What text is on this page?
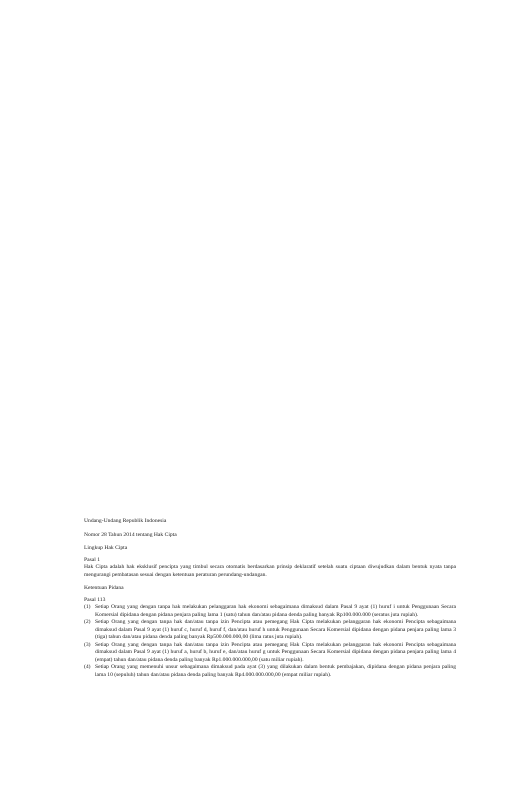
Undang-Undang Republik Indonesia

Nomor 28 Tahun 2014 tentang Hak Cipta

Lingkup Hak Cipta

Pasal 1

Hak Cipta adalah hak eksklusif pencipta yang timbul secara otomatis berdasarkan prinsip deklaratif setelah suatu ciptaan diwujudkan dalam bentuk nyata tanpa mengurangi pembatasan sesuai dengan ketentuan peraturan perundang-undangan.

Ketentuan Pidana

Pasal 113

(1) Setiap Orang yang dengan tanpa hak melakukan pelanggaran hak ekonomi sebagaimana dimaksud dalam Pasal 9 ayat (1) huruf i untuk Penggunaan Secara Komersial dipidana dengan pidana penjara paling lama 1 (satu) tahun dan/atau pidana denda paling banyak Rp100.000.000 (seratus juta rupiah).
(2) Setiap Orang yang dengan tanpa hak dan/atau tanpa izin Pencipta atau pemegang Hak Cipta melakukan pelanggaran hak ekonomi Pencipta sebagaimana dimaksud dalam Pasal 9 ayat (1) huruf c, huruf d, huruf f, dan/atau huruf h untuk Penggunaan Secara Komersial dipidana dengan pidana penjara paling lama 3 (tiga) tahun dan/atau pidana denda paling banyak Rp500.000.000,00 (lima ratus juta rupiah).
(3) Setiap Orang yang dengan tanpa hak dan/atau tanpa izin Pencipta atau pemegang Hak Cipta melakukan pelanggaran hak ekonomi Pencipta sebagaimana dimaksud dalam Pasal 9 ayat (1) huruf a, huruf b, huruf e, dan/atau huruf g untuk Penggunaan Secara Komersial dipidana dengan pidana penjara paling lama 4 (empat) tahun dan/atau pidana denda paling banyak Rp1.000.000.000,00 (satu miliar rupiah).
(4) Setiap Orang yang memenuhi unsur sebagaimana dimaksud pada ayat (3) yang dilakukan dalam bentuk pembajakan, dipidana dengan pidana penjara paling lama 10 (sepuluh) tahun dan/atau pidana denda paling banyak Rp4.000.000.000,00 (empat miliar rupiah).
